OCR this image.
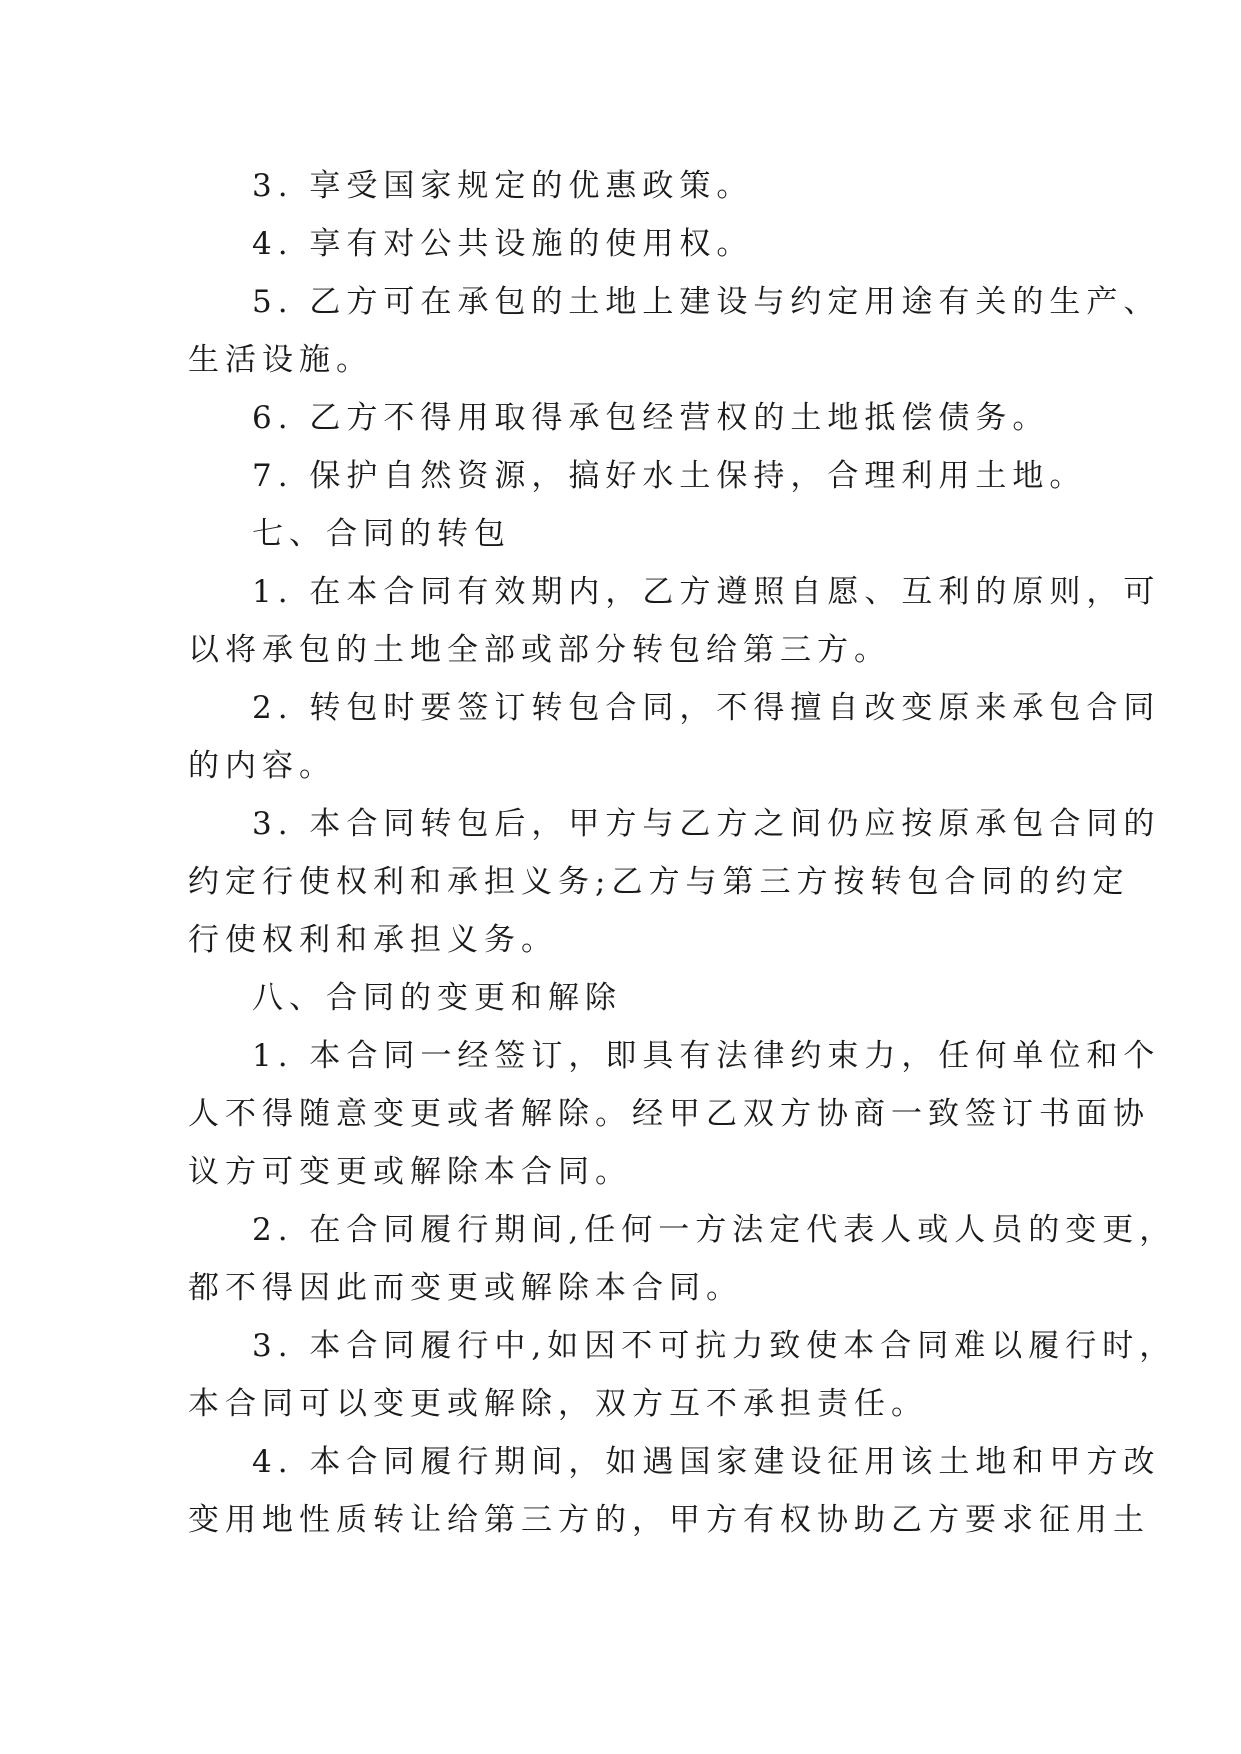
3. 享受国家规定的优惠政策。
4. 享有对公共设施的使用权。
5. 乙方可在承包的土地上建设与约定用途有关的生产、
生活设施。
6. 乙方不得用取得承包经营权的土地抵偿债务。
7. 保护自然资源，搞好水土保持，合理利用土地。
七、合同的转包
1. 在本合同有效期内，乙方遵照自愿、互利的原则，可
以将承包的土地全部或部分转包给第三方。
2. 转包时要签订转包合同，不得擅自改变原来承包合同
的内容。
3. 本合同转包后，甲方与乙方之间仍应按原承包合同的
约定行使权利和承担义务;乙方与第三方按转包合同的约定
行使权利和承担义务。
八、合同的变更和解除
1. 本合同一经签订，即具有法律约束力，任何单位和个
人不得随意变更或者解除。经甲乙双方协商一致签订书面协
议方可变更或解除本合同。
2. 在合同履行期间,任何一方法定代表人或人员的变更，
都不得因此而变更或解除本合同。
3. 本合同履行中,如因不可抗力致使本合同难以履行时，
本合同可以变更或解除，双方互不承担责任。
4. 本合同履行期间，如遇国家建设征用该土地和甲方改
变用地性质转让给第三方的，甲方有权协助乙方要求征用土
